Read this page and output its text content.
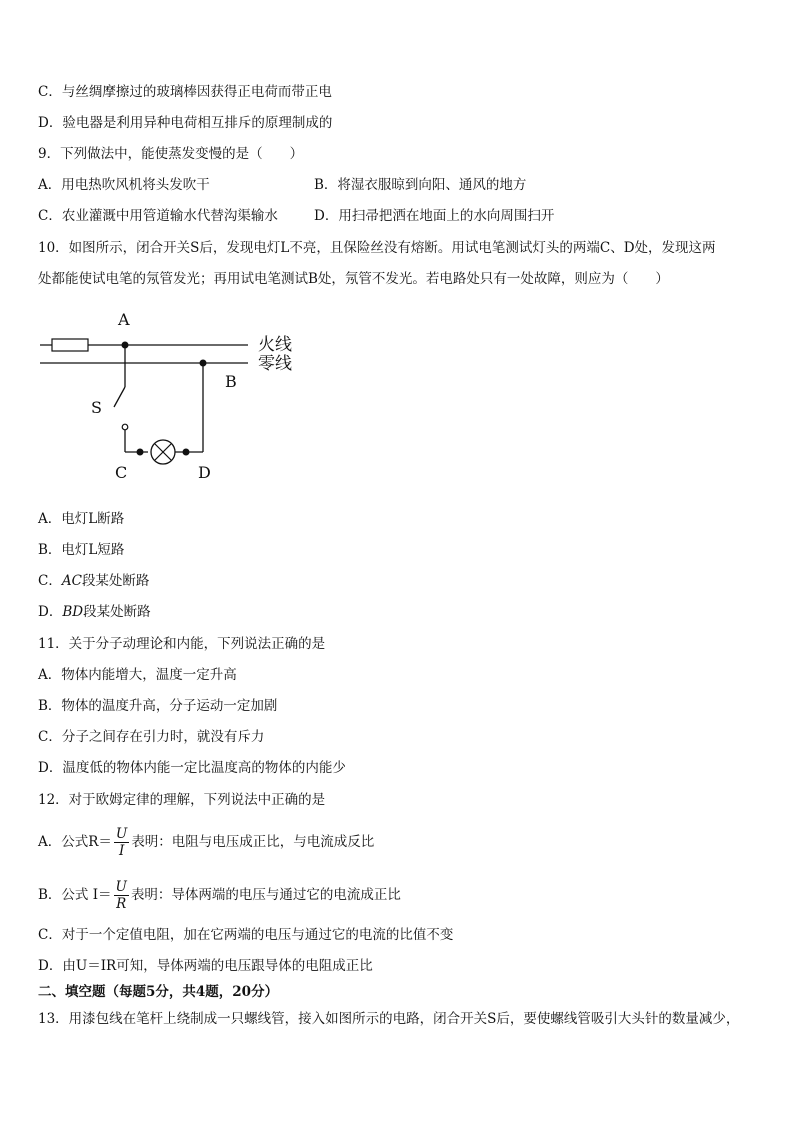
C．与丝绸摩擦过的玻璃棒因获得正电荷而带正电
D．验电器是利用异种电荷相互排斥的原理制成的
9．下列做法中，能使蒸发变慢的是（　　）
A．用电热吹风机将头发吹干	B．将湿衣服晾到向阳、通风的地方
C．农业灌溉中用管道输水代替沟渠输水	D．用扫帚把洒在地面上的水向周围扫开
10．如图所示，闭合开关S后，发现电灯L不亮，且保险丝没有熔断。用试电笔测试灯头的两端C、D处，发现这两
处都能使试电笔的氖管发光；再用试电笔测试B处，氖管不发光。若电路处只有一处故障，则应为（　　）
A
B
S
C	D
火线
零线
A．电灯L断路
B．电灯L短路
C．AC段某处断路
D．BD段某处断路
11．关于分子动理论和内能，下列说法正确的是
A．物体内能增大，温度一定升高
B．物体的温度升高，分子运动一定加剧
C．分子之间存在引力时，就没有斥力
D．温度低的物体内能一定比温度高的物体的内能少
12．对于欧姆定律的理解，下列说法中正确的是
A．公式$R= \frac{U}{I}$ 表明：电阻与电压成正比，与电流成反比
B．公式 $I= \frac{U}{R}$ 表明：导体两端的电压与通过它的电流成正比
C．对于一个定值电阻，加在它两端的电压与通过它的电流的比值不变
D．由U＝IR可知，导体两端的电压跟导体的电阻成正比
二、填空题（每题5分，共4题，20分）
13．用漆包线在笔杆上绕制成一只螺线管，接入如图所示的电路，闭合开关S后，要使螺线管吸引大头针的数量减少，
